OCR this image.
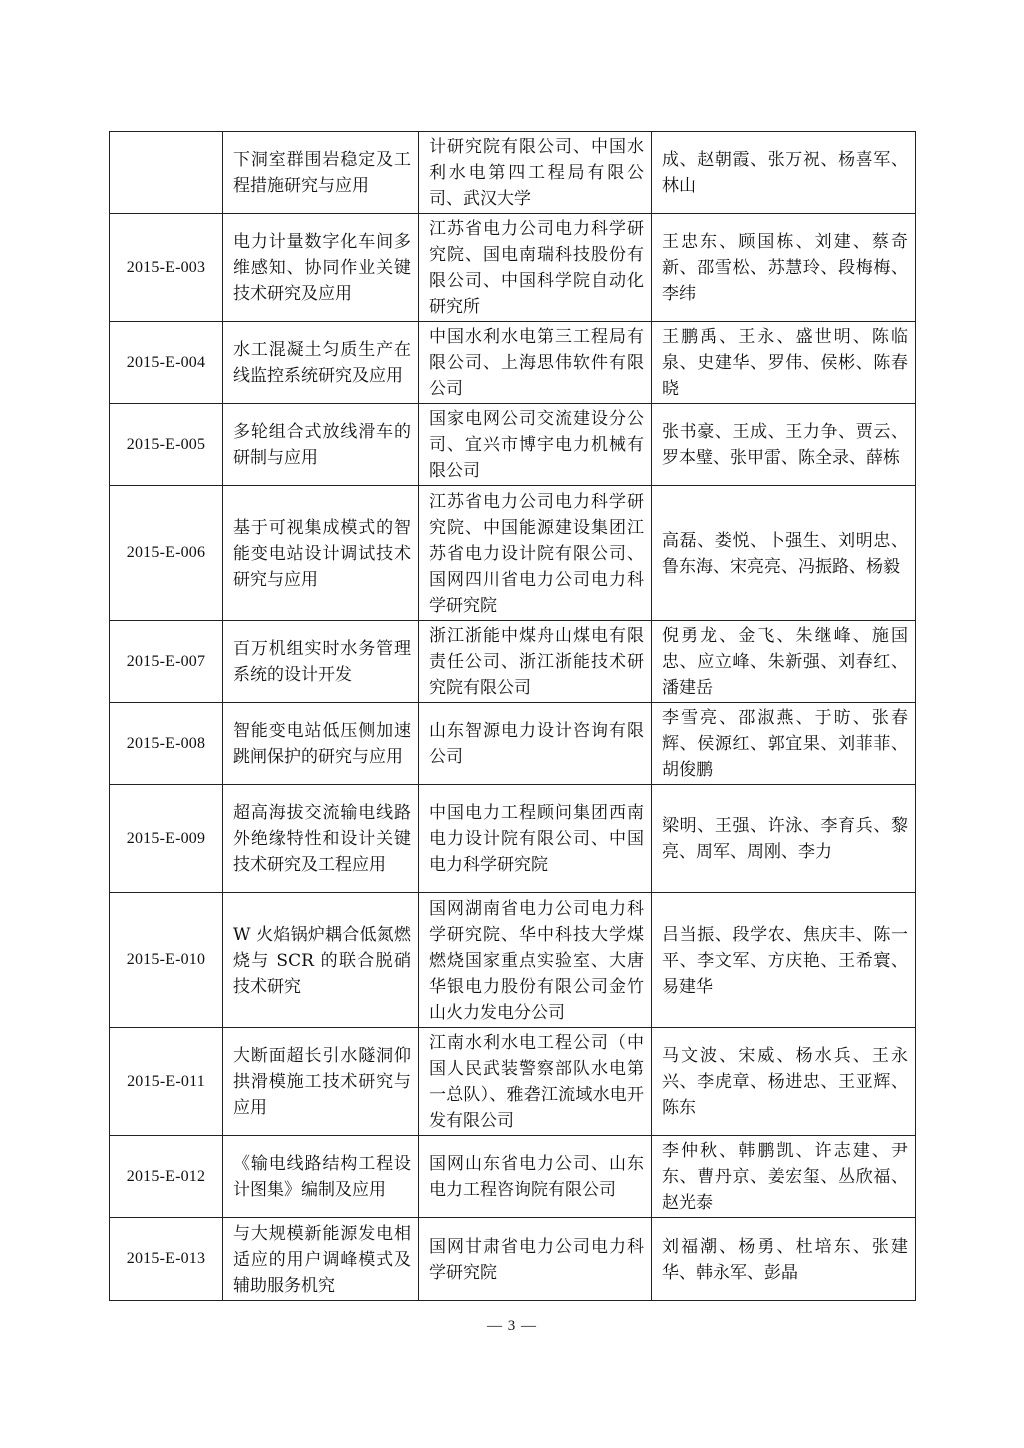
	下洞室群围岩稳定及工程措施研究与应用	计研究院有限公司、中国水利水电第四工程局有限公司、武汉大学	成、赵朝霞、张万祝、杨喜军、林山
2015-E-003	电力计量数字化车间多维感知、协同作业关键技术研究及应用	江苏省电力公司电力科学研究院、国电南瑞科技股份有限公司、中国科学院自动化研究所	王忠东、顾国栋、刘建、蔡奇新、邵雪松、苏慧玲、段梅梅、李纬
2015-E-004	水工混凝土匀质生产在线监控系统研究及应用	中国水利水电第三工程局有限公司、上海思伟软件有限公司	王鹏禹、王永、盛世明、陈临泉、史建华、罗伟、侯彬、陈春晓
2015-E-005	多轮组合式放线滑车的研制与应用	国家电网公司交流建设分公司、宜兴市博宇电力机械有限公司	张书豪、王成、王力争、贾云、罗本璧、张甲雷、陈全录、薛栋
2015-E-006	基于可视集成模式的智能变电站设计调试技术研究与应用	江苏省电力公司电力科学研究院、中国能源建设集团江苏省电力设计院有限公司、国网四川省电力公司电力科学研究院	高磊、娄悦、卜强生、刘明忠、鲁东海、宋亮亮、冯振路、杨毅
2015-E-007	百万机组实时水务管理系统的设计开发	浙江浙能中煤舟山煤电有限责任公司、浙江浙能技术研究院有限公司	倪勇龙、金飞、朱继峰、施国忠、应立峰、朱新强、刘春红、潘建岳
2015-E-008	智能变电站低压侧加速跳闸保护的研究与应用	山东智源电力设计咨询有限公司	李雪亮、邵淑燕、于昉、张春辉、侯源红、郭宜果、刘菲菲、胡俊鹏
2015-E-009	超高海拔交流输电线路外绝缘特性和设计关键技术研究及工程应用	中国电力工程顾问集团西南电力设计院有限公司、中国电力科学研究院	梁明、王强、许泳、李育兵、黎亮、周军、周刚、李力
2015-E-010	W 火焰锅炉耦合低氮燃烧与 SCR 的联合脱硝技术研究	国网湖南省电力公司电力科学研究院、华中科技大学煤燃烧国家重点实验室、大唐华银电力股份有限公司金竹山火力发电分公司	吕当振、段学农、焦庆丰、陈一平、李文军、方庆艳、王希寰、易建华
2015-E-011	大断面超长引水隧洞仰拱滑模施工技术研究与应用	江南水利水电工程公司（中国人民武装警察部队水电第一总队）、雅砻江流域水电开发有限公司	马文波、宋威、杨水兵、王永兴、李虎章、杨进忠、王亚辉、陈东
2015-E-012	《输电线路结构工程设计图集》编制及应用	国网山东省电力公司、山东电力工程咨询院有限公司	李仲秋、韩鹏凯、许志建、尹东、曹丹京、姜宏玺、丛欣福、赵光泰
2015-E-013	与大规模新能源发电相适应的用户调峰模式及辅助服务机究	国网甘肃省电力公司电力科学研究院	刘福潮、杨勇、杜培东、张建华、韩永军、彭晶
— 3 —
